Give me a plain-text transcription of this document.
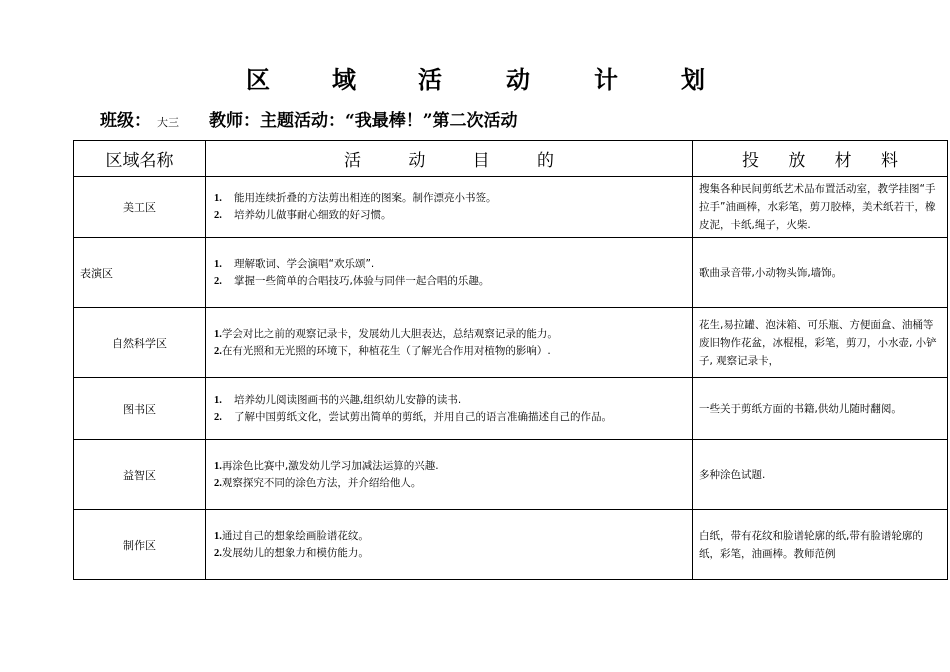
区	域	活	动	计	划
班级： 大三 教师：主题活动：“我最棒！”第二次活动
区域名称	活 动 目 的	投 放 材 料

美工区	1. 能用连续折叠的方法剪出相连的图案。制作漂亮小书签。
2. 培养幼儿做事耐心细致的好习惯。	搜集各种民间剪纸艺术品布置活动室，教学挂图“手拉手”油画棒，水彩笔，剪刀胶棒，美术纸若干，橡皮泥，卡纸,绳子，火柴.
表演区	1. 理解歌词、学会演唱“欢乐颂”.
2. 掌握一些简单的合唱技巧,体验与同伴一起合唱的乐趣。	歌曲录音带,小动物头饰,墙饰。
自然科学区	1.学会对比之前的观察记录卡，发展幼儿大胆表达，总结观察记录的能力。
2.在有光照和无光照的环境下，种植花生（了解光合作用对植物的影响）.	花生,易拉罐、泡沫箱、可乐瓶、方便面盒、油桶等废旧物作花盆，冰棍棍，彩笔，剪刀，小水壶, 小铲子, 观察记录卡，
图书区	1. 培养幼儿阅读图画书的兴趣,组织幼儿安静的读书.
2. 了解中国剪纸文化，尝试剪出简单的剪纸，并用自己的语言准确描述自己的作品。	一些关于剪纸方面的书籍,供幼儿随时翻阅。
益智区	1.再涂色比赛中,激发幼儿学习加减法运算的兴趣.
2.观察探究不同的涂色方法，并介绍给他人。	多种涂色试题.
制作区	1.通过自己的想象绘画脸谱花纹。
2.发展幼儿的想象力和模仿能力。	白纸，带有花纹和脸谱轮廓的纸,带有脸谱轮廓的纸，彩笔，油画棒。教师范例
